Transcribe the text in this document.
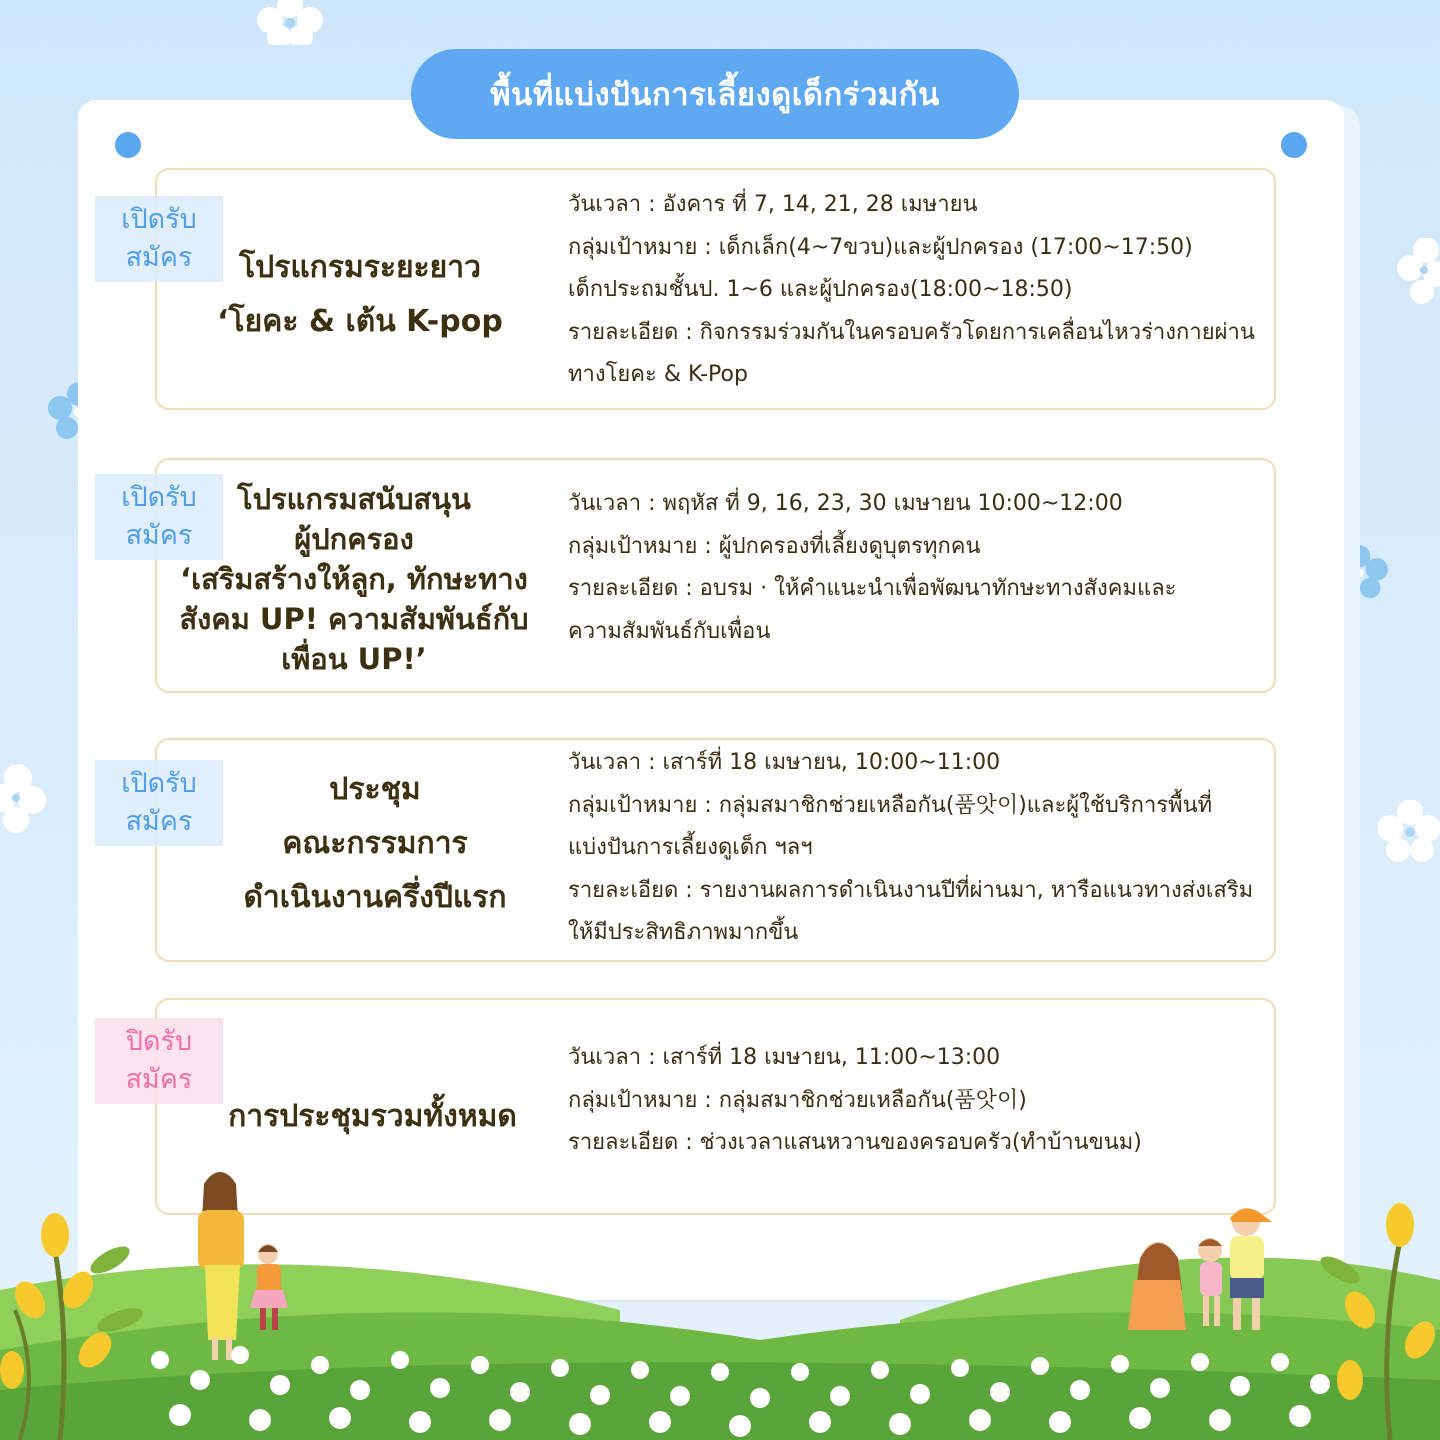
พื้นที่แบ่งปันการเลี้ยงดูเด็กร่วมกัน
เปิดรับ
สมัคร โปรแกรมระยะยาว
‘โยคะ & เต้น K-pop
วันเวลา : อังคาร ที่ 7, 14, 21, 28 เมษายน
กลุ่มเป้าหมาย : เด็กเล็ก(4~7ขวบ)และผู้ปกครอง (17:00~17:50)
เด็กประถมชั้นป. 1~6 และผู้ปกครอง(18:00~18:50)
รายละเอียด : กิจกรรมร่วมกันในครอบครัวโดยการเคลื่อนไหวร่างกายผ่าน
ทางโยคะ & K-Pop
เปิดรับ
สมัคร
โปรแกรมสนับสนุน
ผู้ปกครอง
‘เสริมสร้างให้ลูก, ทักษะทาง
สังคม UP! ความสัมพันธ์กับ
เพื่อน UP!’
วันเวลา : พฤหัส ที่ 9, 16, 23, 30 เมษายน 10:00~12:00
กลุ่มเป้าหมาย : ผู้ปกครองที่เลี้ยงดูบุตรทุกคน
รายละเอียด : อบรม · ให้คำแนะนำเพื่อพัฒนาทักษะทางสังคมและ
ความสัมพันธ์กับเพื่อน
เปิดรับ
สมัคร
ประชุม
คณะกรรมการ
ดำเนินงานครึ่งปีแรก
วันเวลา : เสาร์ที่ 18 เมษายน, 10:00~11:00
กลุ่มเป้าหมาย : กลุ่มสมาชิกช่วยเหลือกัน(품앗이)และผู้ใช้บริการพื้นที่
แบ่งปันการเลี้ยงดูเด็ก ฯลฯ
รายละเอียด : รายงานผลการดำเนินงานปีที่ผ่านมา, หารือแนวทางส่งเสริม
ให้มีประสิทธิภาพมากขึ้น
ปิดรับ
สมัคร
การประชุมรวมทั้งหมด
วันเวลา : เสาร์ที่ 18 เมษายน, 11:00~13:00
กลุ่มเป้าหมาย : กลุ่มสมาชิกช่วยเหลือกัน(품앗이)
รายละเอียด : ช่วงเวลาแสนหวานของครอบครัว(ทำบ้านขนม)
